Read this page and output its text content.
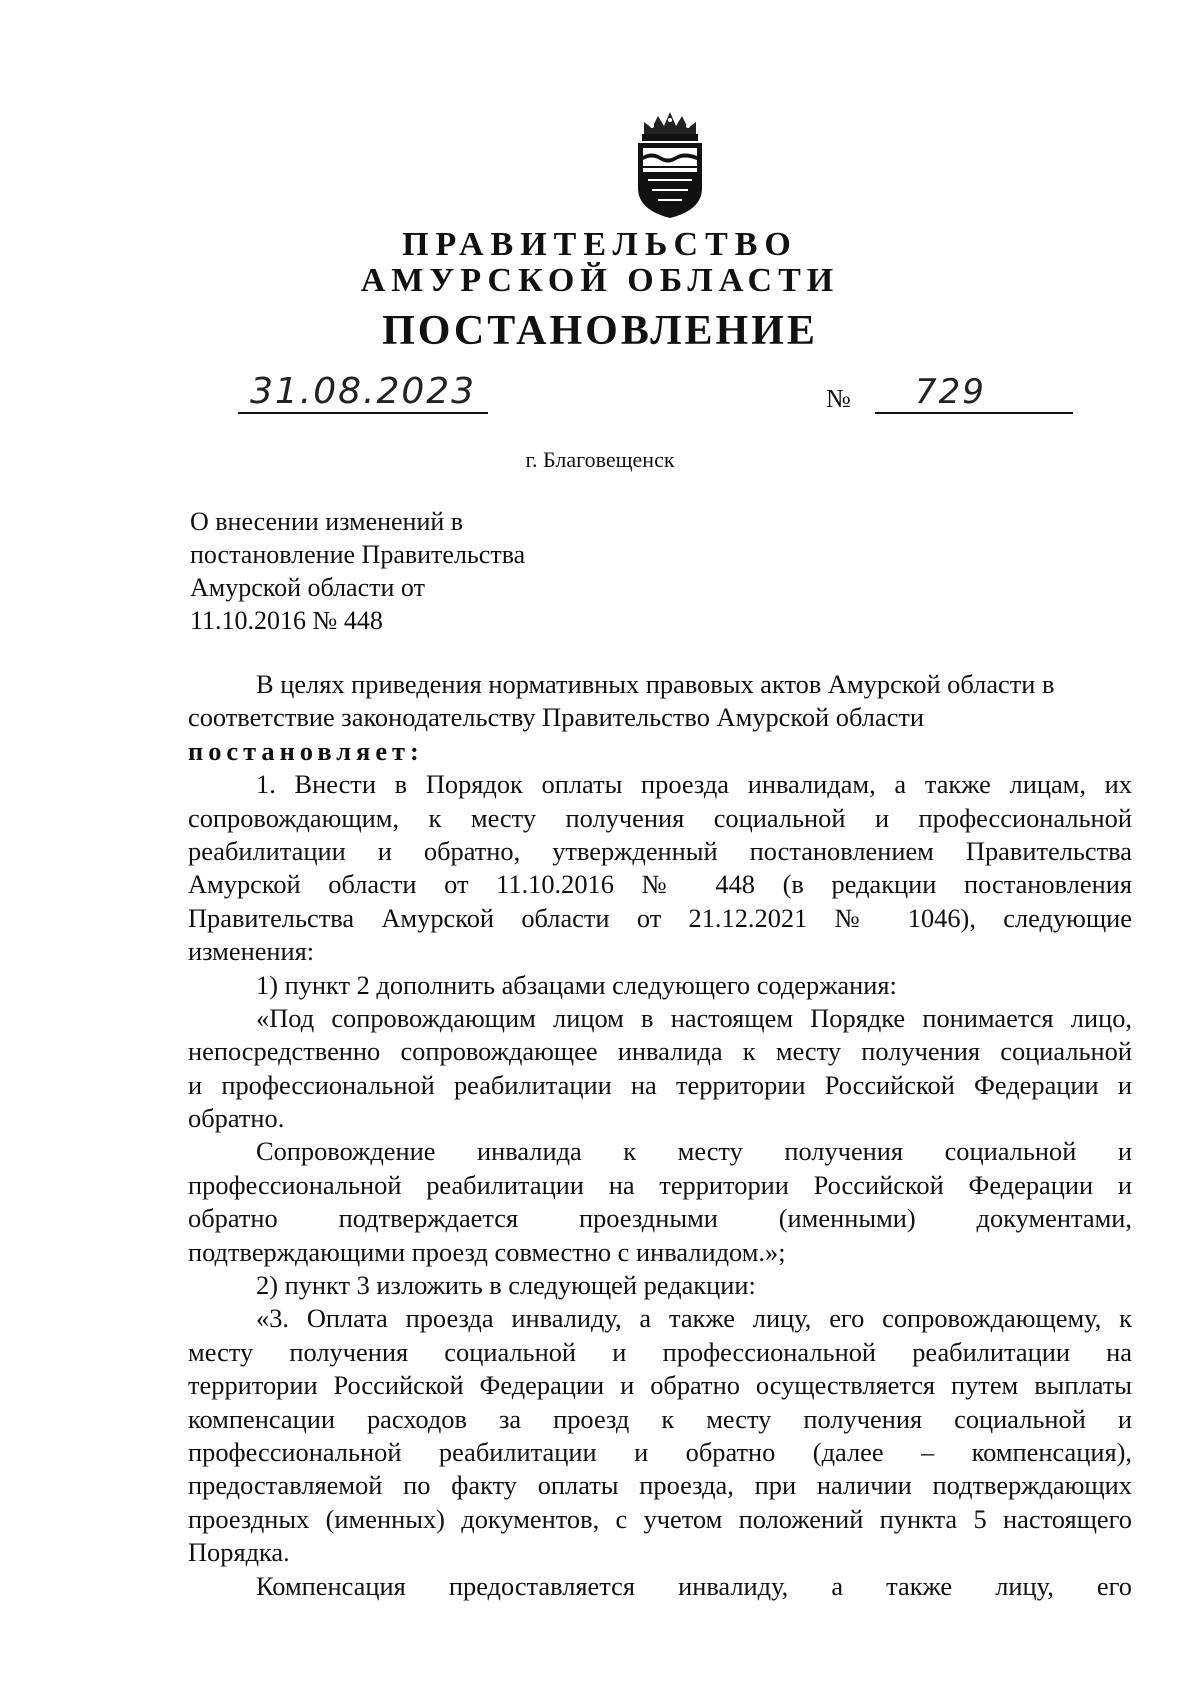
ПРАВИТЕЛЬСТВО
АМУРСКОЙ ОБЛАСТИ
ПОСТАНОВЛЕНИЕ
31.08.2023	№	729
г. Благовещенск
О внесении изменений в
постановление Правительства
Амурской области от
11.10.2016 № 448
В целях приведения нормативных правовых актов Амурской области в
соответствие законодательству Правительство Амурской области
постановляет:
1. Внести в Порядок оплаты проезда инвалидам, а также лицам, их
сопровождающим, к месту получения социальной и профессиональной
реабилитации и обратно, утвержденный постановлением Правительства
Амурской области от 11.10.2016 № 448 (в редакции постановления
Правительства Амурской области от 21.12.2021 № 1046), следующие
изменения:
1) пункт 2 дополнить абзацами следующего содержания:
«Под сопровождающим лицом в настоящем Порядке понимается лицо,
непосредственно сопровождающее инвалида к месту получения социальной
и профессиональной реабилитации на территории Российской Федерации и
обратно.
Сопровождение инвалида к месту получения социальной и
профессиональной реабилитации на территории Российской Федерации и
обратно подтверждается проездными (именными) документами,
подтверждающими проезд совместно с инвалидом.»;
2) пункт 3 изложить в следующей редакции:
«3. Оплата проезда инвалиду, а также лицу, его сопровождающему, к
месту получения социальной и профессиональной реабилитации на
территории Российской Федерации и обратно осуществляется путем выплаты
компенсации расходов за проезд к месту получения социальной и
профессиональной реабилитации и обратно (далее – компенсация),
предоставляемой по факту оплаты проезда, при наличии подтверждающих
проездных (именных) документов, с учетом положений пункта 5 настоящего
Порядка.
Компенсация предоставляется инвалиду, а также лицу, его
